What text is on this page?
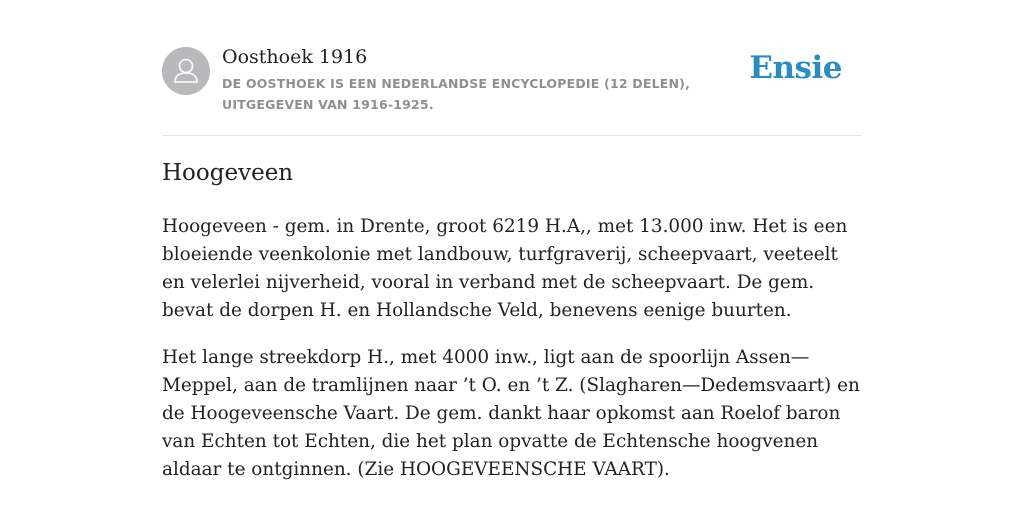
Oosthoek 1916
DE OOSTHOEK IS EEN NEDERLANDSE ENCYCLOPEDIE (12 DELEN), UITGEGEVEN VAN 1916-1925.
Ensie
Hoogeveen

Hoogeveen - gem. in Drente, groot 6219 H.A,, met 13.000 inw. Het is een bloeiende veenkolonie met landbouw, turfgraverij, scheepvaart, veeteelt en velerlei nijverheid, vooral in verband met de scheepvaart. De gem. bevat de dorpen H. en Hollandsche Veld, benevens eenige buurten.

Het lange streekdorp H., met 4000 inw., ligt aan de spoorlijn Assen—Meppel, aan de tramlijnen naar ’t O. en ’t Z. (Slagharen—Dedemsvaart) en de Hoogeveensche Vaart. De gem. dankt haar opkomst aan Roelof baron van Echten tot Echten, die het plan opvatte de Echtensche hoogvenen aldaar te ontginnen. (Zie HOOGEVEENSCHE VAART).
